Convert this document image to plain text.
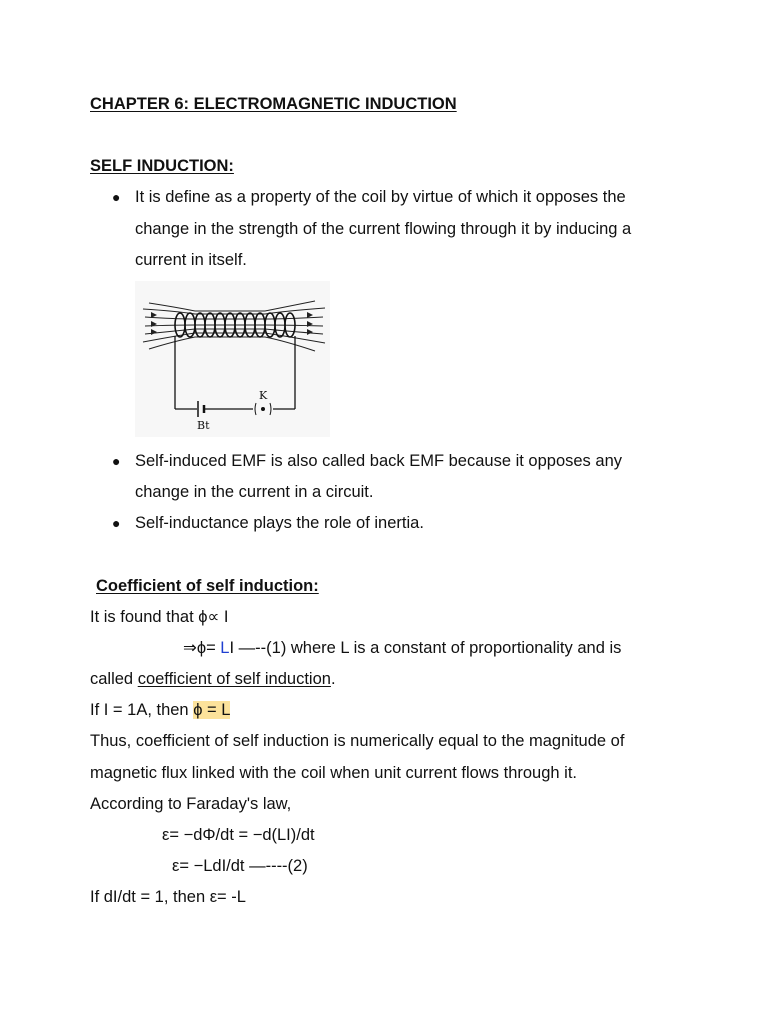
CHAPTER 6: ELECTROMAGNETIC INDUCTION
SELF INDUCTION:
● It is define as a property of the coil by virtue of which it opposes the
change in the strength of the current flowing through it by inducing a
current in itself.
K
Bt
● Self-induced EMF is also called back EMF because it opposes any
change in the current in a circuit.
● Self-inductance plays the role of inertia.
Coefficient of self induction:
It is found that ϕ∝ I
⇒ϕ= LI —--(1) where L is a constant of proportionality and is
called coefficient of self induction.
If I = 1A, then ϕ = L
Thus, coefficient of self induction is numerically equal to the magnitude of
magnetic flux linked with the coil when unit current flows through it.
According to Faraday's law,
ε= −dΦ/dt = −d(LI)/dt
ε= −LdI/dt —----(2)
If dI/dt = 1, then ε= -L
